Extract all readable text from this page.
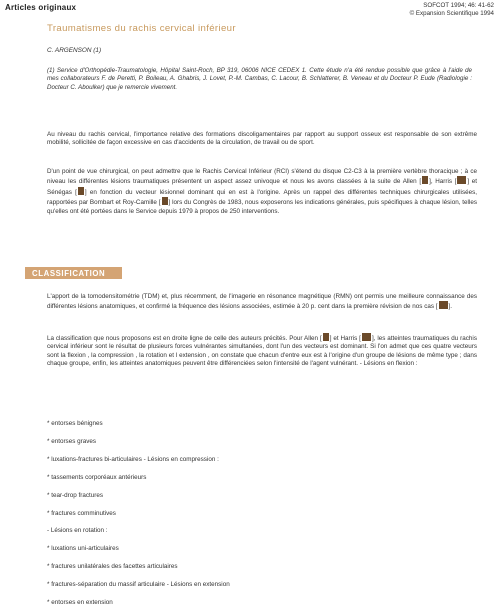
Articles originaux	SOFCOT 1994; 46: 41-62
© Expansion Scientifique 1994
Traumatismes du rachis cervical inférieur
C. ARGENSON (1)
(1) Service d'Orthopédie-Traumatologie, Hôpital Saint-Roch, BP 319, 06006 NICE CEDEX 1. Cette étude n'a été rendue possible que grâce à l'aide de mes collaborateurs F. de Peretti, P. Boileau, A. Ghabris, J. Lovet, P.-M. Cambas, C. Lacour, B. Schlatterer, B. Veneau et du Docteur P. Eude (Radiologie : Docteur C. Aboulker) que je remercie vivement.
Au niveau du rachis cervical, l'importance relative des formations discoligamentaires par rapport au support osseux est responsable de son extrême mobilité, sollicitée de façon excessive en cas d'accidents de la circulation, de travail ou de sport.
D'un point de vue chirurgical, on peut admettre que le Rachis Cervical Inférieur (RCI) s'étend du disque C2-C3 à la première vertèbre thoracique ; à ce niveau les différentes lésions traumatiques présentent un aspect assez univoque et nous les avons classées à la suite de Allen [ ], Harris [ ] et Sénégas [ ] en fonction du vecteur lésionnel dominant qui en est à l'origine. Après un rappel des différentes techniques chirurgicales utilisées, rapportées par Bombart et Roy-Camille [ ] lors du Congrès de 1983, nous exposerons les indications générales, puis spécifiques à chaque lésion, telles qu'elles ont été portées dans le Service depuis 1979 à propos de 250 interventions.
CLASSIFICATION
L'apport de la tomodensitométrie (TDM) et, plus récemment, de l'imagerie en résonance magnétique (RMN) ont permis une meilleure connaissance des différentes lésions anatomiques, et confirmé la fréquence des lésions associées, estimée à 20 p. cent dans la première révision de nos cas [ ].
La classification que nous proposons est en droite ligne de celle des auteurs précités. Pour Allen [ ] et Harris [ ], les atteintes traumatiques du rachis cervical inférieur sont le résultat de plusieurs forces vulnérantes simultanées, dont l'un des vecteurs est dominant. Si l'on admet que ces quatre vecteurs sont la flexion , la compression , la rotation et l extension , on constate que chacun d'entre eux est à l'origine d'un groupe de lésions de même type ; dans chaque groupe, enfin, les atteintes anatomiques peuvent être différenciées selon l'intensité de l'agent vulnérant. - Lésions en flexion :
* entorses bénignes
* entorses graves
* luxations-fractures bi-articulaires - Lésions en compression :
* tassements corporéaux antérieurs
* tear-drop fractures
* fractures comminutives
- Lésions en rotation :
* luxations uni-articulaires
* fractures unilatérales des facettes articulaires
* fractures-séparation du massif articulaire - Lésions en extension
* entorses en extension
